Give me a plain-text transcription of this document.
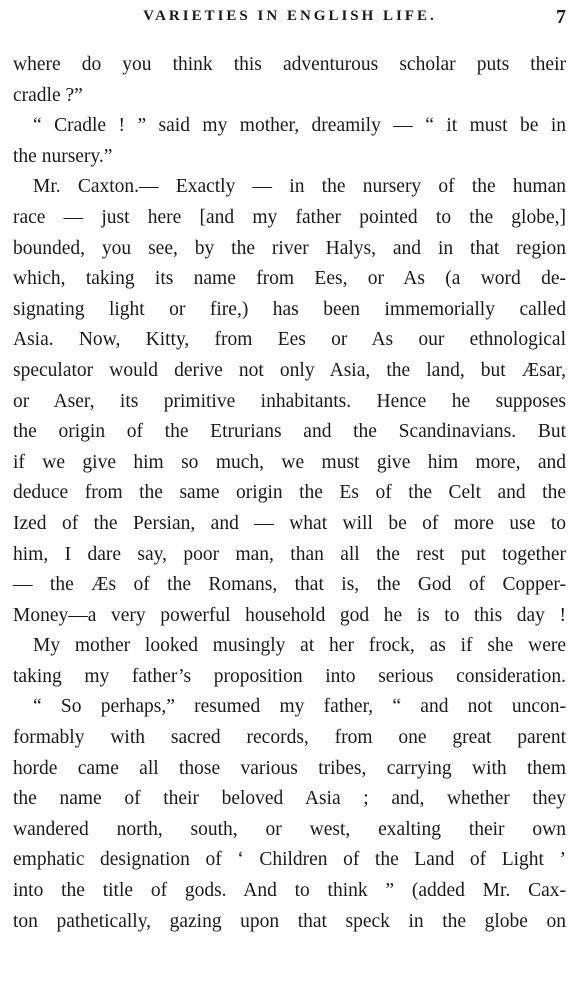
VARIETIES IN ENGLISH LIFE.	7
where do you think this adventurous scholar puts their
cradle ?”
“ Cradle ! ” said my mother, dreamily — “ it must be in
the nursery.”
Mr. Caxton.— Exactly — in the nursery of the human
race — just here [and my father pointed to the globe,]
bounded, you see, by the river Halys, and in that region
which, taking its name from Ees, or As (a word de-
signating light or fire,) has been immemorially called
Asia. Now, Kitty, from Ees or As our ethnological
speculator would derive not only Asia, the land, but Æsar,
or Aser, its primitive inhabitants. Hence he supposes
the origin of the Etrurians and the Scandinavians. But
if we give him so much, we must give him more, and
deduce from the same origin the Es of the Celt and the
Ized of the Persian, and — what will be of more use to
him, I dare say, poor man, than all the rest put together
— the Æs of the Romans, that is, the God of Copper-
Money—a very powerful household god he is to this day !
My mother looked musingly at her frock, as if she were
taking my father’s proposition into serious consideration.
“ So perhaps,” resumed my father, “ and not uncon-
formably with sacred records, from one great parent
horde came all those various tribes, carrying with them
the name of their beloved Asia ; and, whether they
wandered north, south, or west, exalting their own
emphatic designation of ‘ Children of the Land of Light ’
into the title of gods. And to think ” (added Mr. Cax-
ton pathetically, gazing upon that speck in the globe on
